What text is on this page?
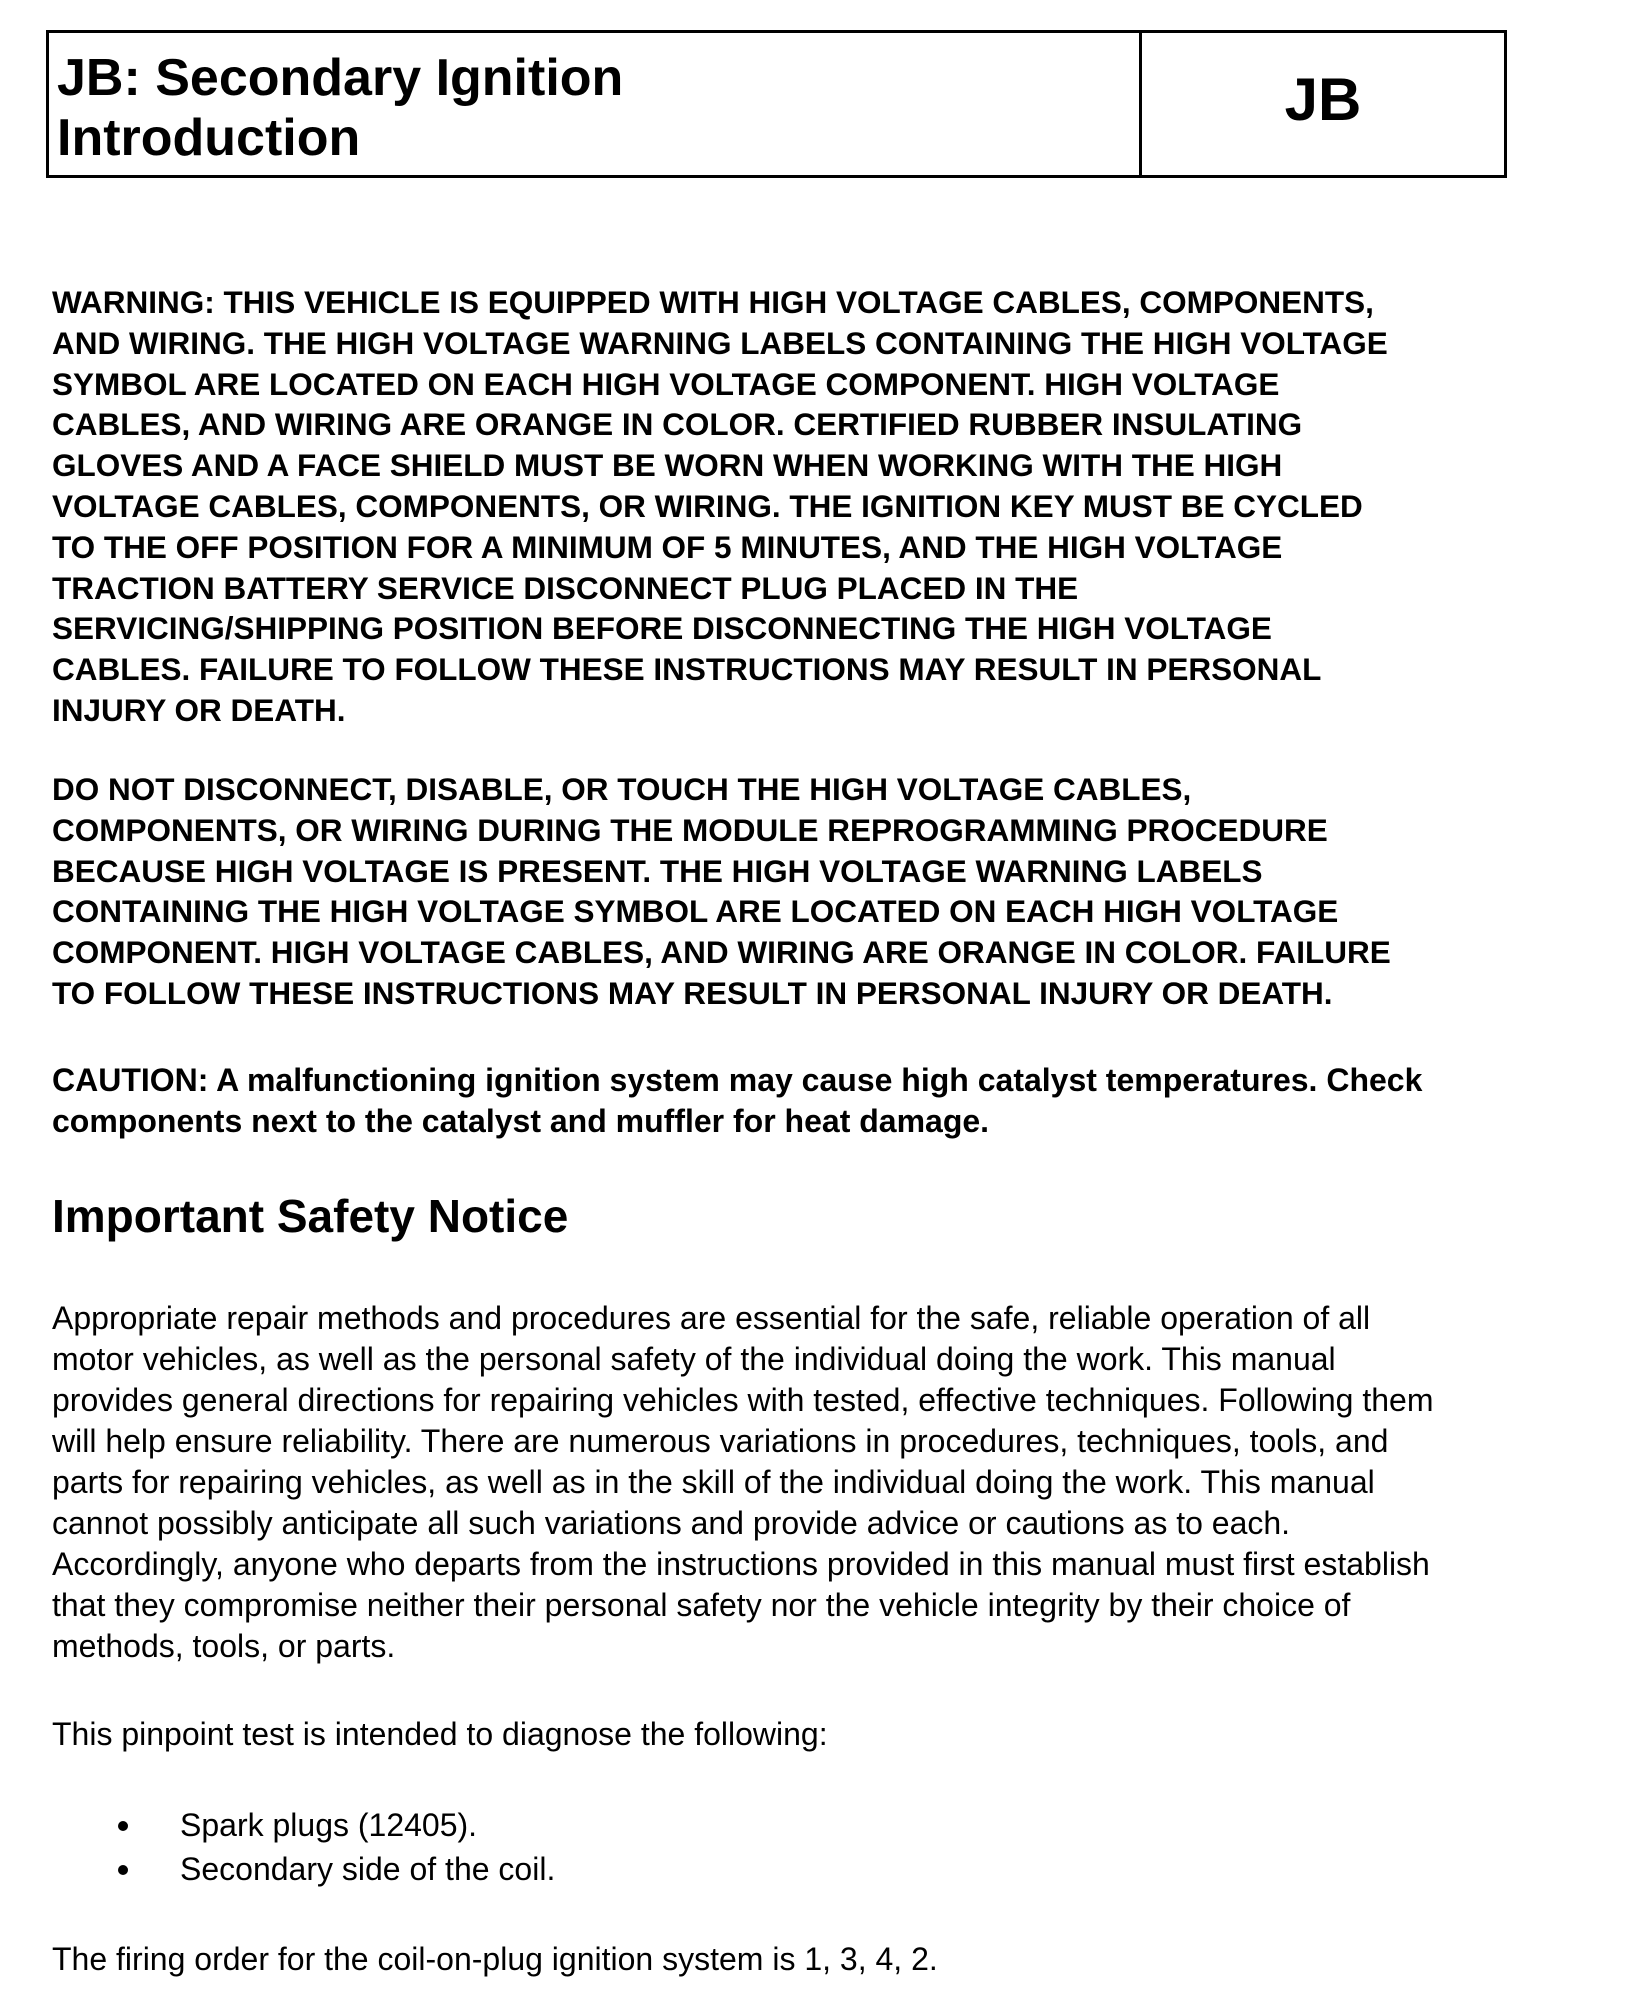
JB: Secondary Ignition
Introduction
JB
WARNING: THIS VEHICLE IS EQUIPPED WITH HIGH VOLTAGE CABLES, COMPONENTS,
AND WIRING. THE HIGH VOLTAGE WARNING LABELS CONTAINING THE HIGH VOLTAGE
SYMBOL ARE LOCATED ON EACH HIGH VOLTAGE COMPONENT. HIGH VOLTAGE
CABLES, AND WIRING ARE ORANGE IN COLOR. CERTIFIED RUBBER INSULATING
GLOVES AND A FACE SHIELD MUST BE WORN WHEN WORKING WITH THE HIGH
VOLTAGE CABLES, COMPONENTS, OR WIRING. THE IGNITION KEY MUST BE CYCLED
TO THE OFF POSITION FOR A MINIMUM OF 5 MINUTES, AND THE HIGH VOLTAGE
TRACTION BATTERY SERVICE DISCONNECT PLUG PLACED IN THE
SERVICING/SHIPPING POSITION BEFORE DISCONNECTING THE HIGH VOLTAGE
CABLES. FAILURE TO FOLLOW THESE INSTRUCTIONS MAY RESULT IN PERSONAL
INJURY OR DEATH.
DO NOT DISCONNECT, DISABLE, OR TOUCH THE HIGH VOLTAGE CABLES,
COMPONENTS, OR WIRING DURING THE MODULE REPROGRAMMING PROCEDURE
BECAUSE HIGH VOLTAGE IS PRESENT. THE HIGH VOLTAGE WARNING LABELS
CONTAINING THE HIGH VOLTAGE SYMBOL ARE LOCATED ON EACH HIGH VOLTAGE
COMPONENT. HIGH VOLTAGE CABLES, AND WIRING ARE ORANGE IN COLOR. FAILURE
TO FOLLOW THESE INSTRUCTIONS MAY RESULT IN PERSONAL INJURY OR DEATH.
CAUTION: A malfunctioning ignition system may cause high catalyst temperatures. Check
components next to the catalyst and muffler for heat damage.
Important Safety Notice
Appropriate repair methods and procedures are essential for the safe, reliable operation of all
motor vehicles, as well as the personal safety of the individual doing the work. This manual
provides general directions for repairing vehicles with tested, effective techniques. Following them
will help ensure reliability. There are numerous variations in procedures, techniques, tools, and
parts for repairing vehicles, as well as in the skill of the individual doing the work. This manual
cannot possibly anticipate all such variations and provide advice or cautions as to each.
Accordingly, anyone who departs from the instructions provided in this manual must first establish
that they compromise neither their personal safety nor the vehicle integrity by their choice of
methods, tools, or parts.

This pinpoint test is intended to diagnose the following:

Spark plugs (12405).
Secondary side of the coil.

The firing order for the coil-on-plug ignition system is 1, 3, 4, 2.
